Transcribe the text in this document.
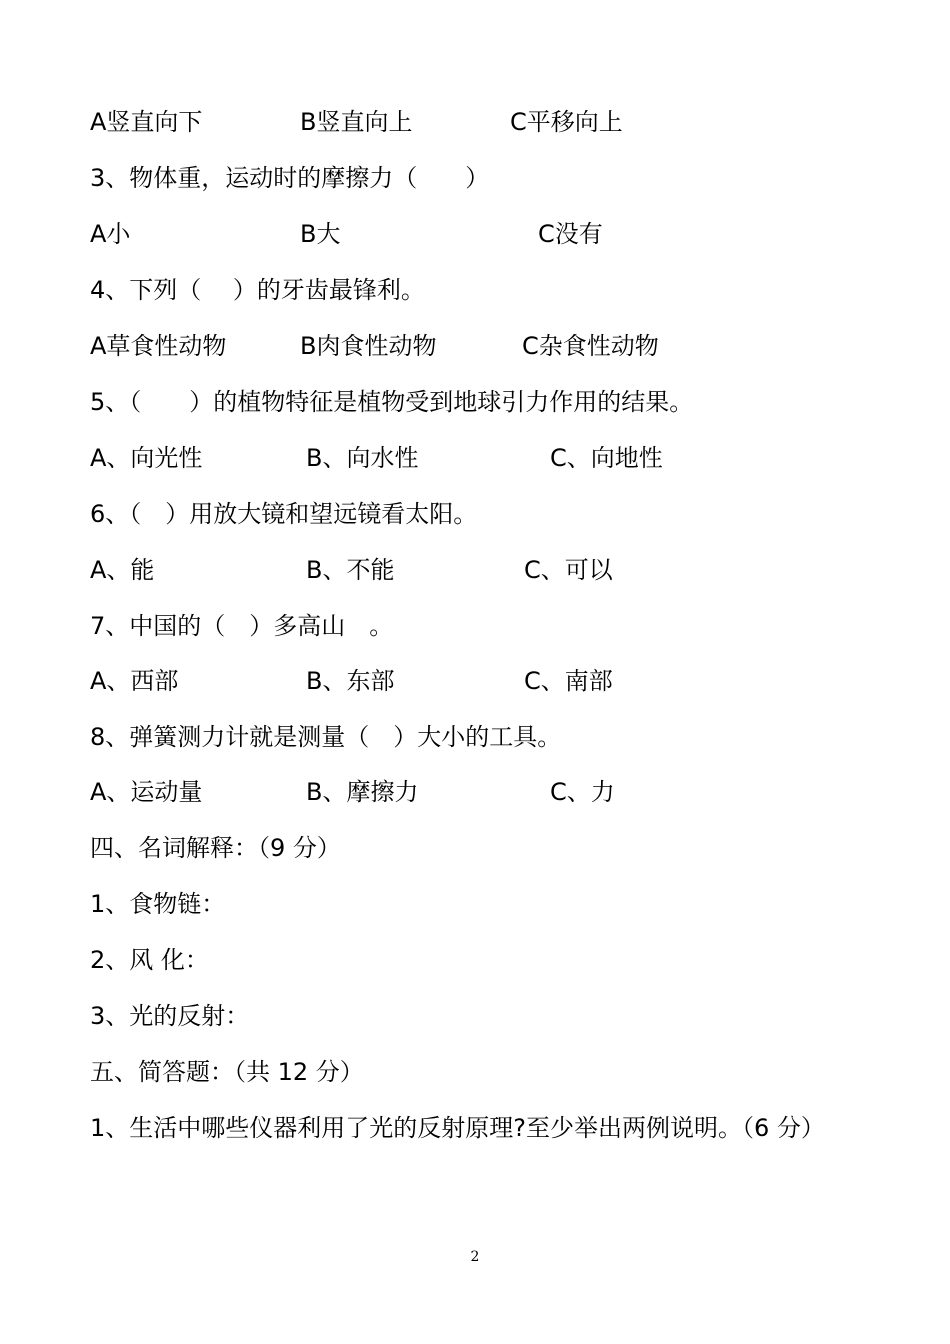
A竖直向下	B竖直向上	C平移向上
3、物体重，运动时的摩擦力（　　）
A小	B大	C没有
4、下列（　 ）的牙齿最锋利。
A草食性动物	B肉食性动物	C杂食性动物
5、（　　）的植物特征是植物受到地球引力作用的结果。
A、向光性	B、向水性	C、向地性
6、（　）用放大镜和望远镜看太阳。
A、能	B、不能	C、可以
7、中国的（　）多高山　。
A、西部	B、东部	C、南部
8、弹簧测力计就是测量（　）大小的工具。
A、运动量	B、摩擦力	C、力
四、名词解释：（9 分）
1、食物链：
2、风 化：
3、光的反射：
五、简答题：（共 12 分）
1、生活中哪些仪器利用了光的反射原理?至少举出两例说明。（6 分）
2
